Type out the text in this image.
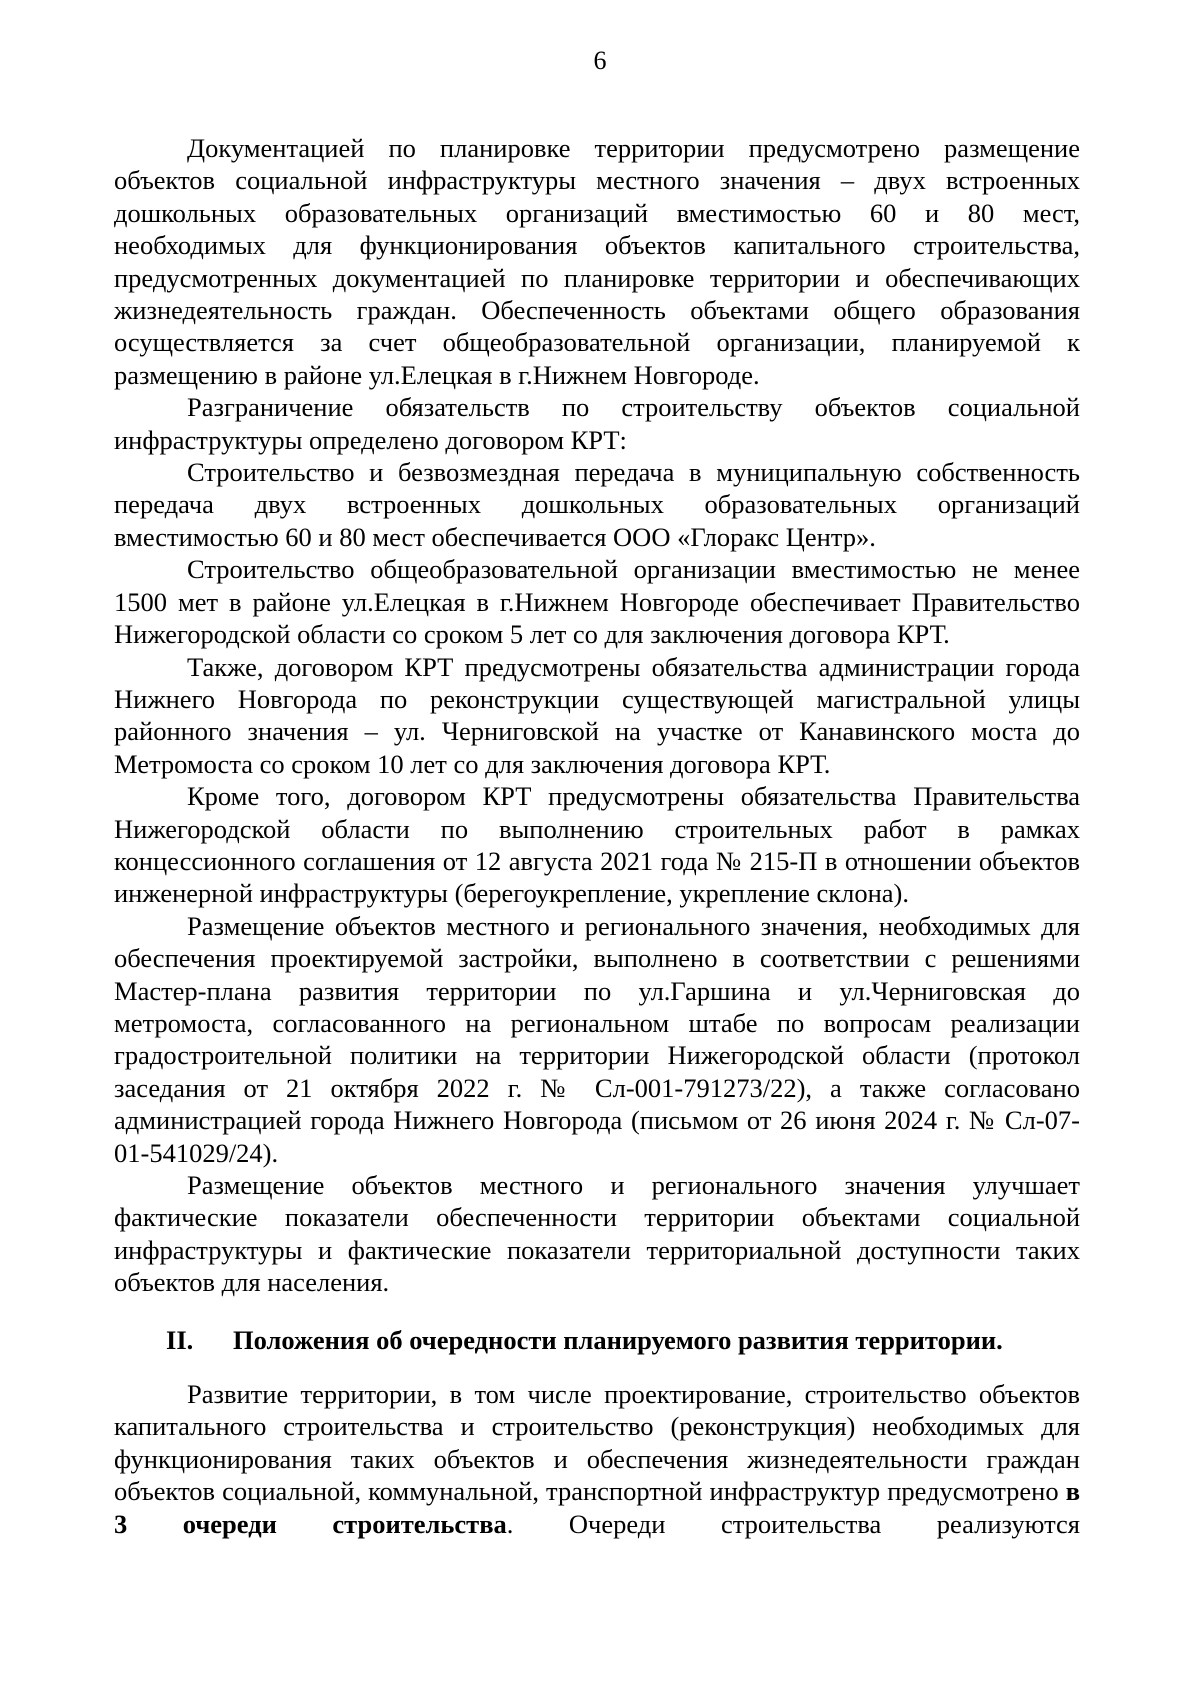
6

Документацией по планировке территории предусмотрено размещение объектов социальной инфраструктуры местного значения – двух встроенных дошкольных образовательных организаций вместимостью 60 и 80 мест, необходимых для функционирования объектов капитального строительства, предусмотренных документацией по планировке территории и обеспечивающих жизнедеятельность граждан. Обеспеченность объектами общего образования осуществляется за счет общеобразовательной организации, планируемой к размещению в районе ул.Елецкая в г.Нижнем Новгороде.

Разграничение обязательств по строительству объектов социальной инфраструктуры определено договором КРТ:

Строительство и безвозмездная передача в муниципальную собственность передача двух встроенных дошкольных образовательных организаций вместимостью 60 и 80 мест обеспечивается ООО «Глоракс Центр».

Строительство общеобразовательной организации вместимостью не менее 1500 мет в районе ул.Елецкая в г.Нижнем Новгороде обеспечивает Правительство Нижегородской области со сроком 5 лет со для заключения договора КРТ.

Также, договором КРТ предусмотрены обязательства администрации города Нижнего Новгорода по реконструкции существующей магистральной улицы районного значения – ул. Черниговской на участке от Канавинского моста до Метромоста со сроком 10 лет со для заключения договора КРТ.

Кроме того, договором КРТ предусмотрены обязательства Правительства Нижегородской области по выполнению строительных работ в рамках концессионного соглашения от 12 августа 2021 года № 215-П в отношении объектов инженерной инфраструктуры (берегоукрепление, укрепление склона).

Размещение объектов местного и регионального значения, необходимых для обеспечения проектируемой застройки, выполнено в соответствии с решениями Мастер-плана развития территории по ул.Гаршина и ул.Черниговская до метромоста, согласованного на региональном штабе по вопросам реализации градостроительной политики на территории Нижегородской области (протокол заседания от 21 октября 2022 г. № Сл-001-791273/22), а также согласовано администрацией города Нижнего Новгорода (письмом от 26 июня 2024 г. № Сл-07-01-541029/24).

Размещение объектов местного и регионального значения улучшает фактические показатели обеспеченности территории объектами социальной инфраструктуры и фактические показатели территориальной доступности таких объектов для населения.

II. Положения об очередности планируемого развития территории.

Развитие территории, в том числе проектирование, строительство объектов капитального строительства и строительство (реконструкция) необходимых для функционирования таких объектов и обеспечения жизнедеятельности граждан объектов социальной, коммунальной, транспортной инфраструктур предусмотрено в 3 очереди строительства. Очереди строительства реализуются
